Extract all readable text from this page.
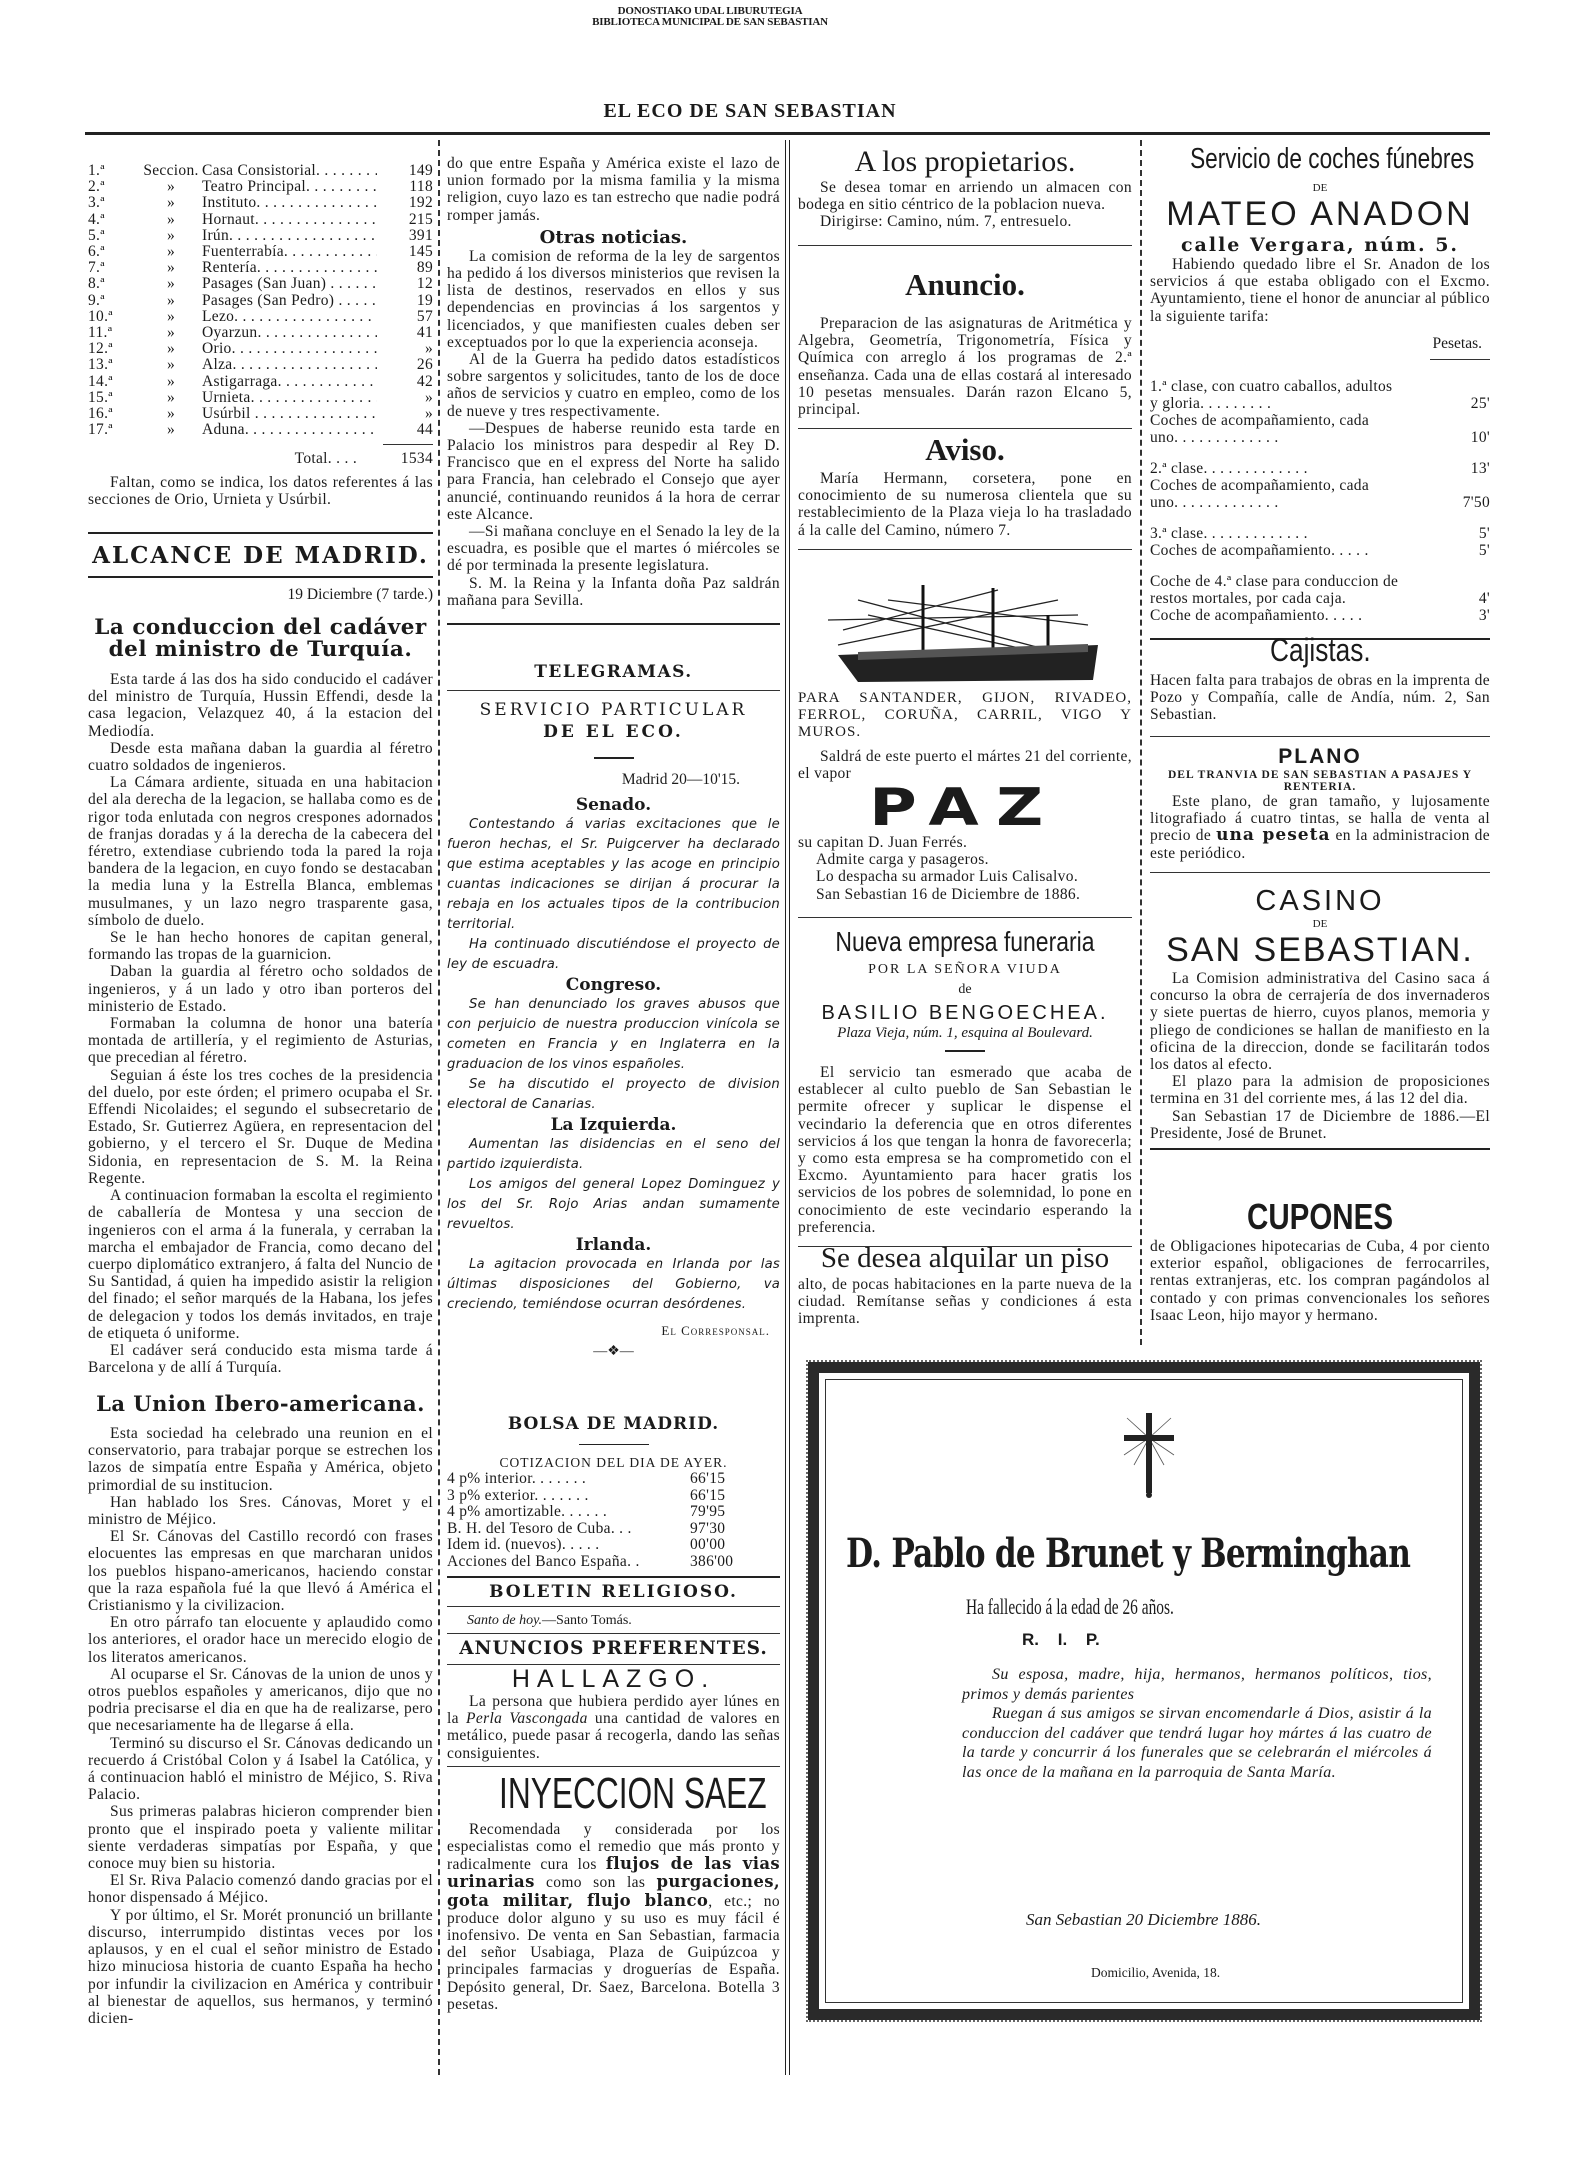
DONOSTIAKO UDAL LIBURUTEGIA
BIBLIOTECA MUNICIPAL DE SAN SEBASTIAN
EL ECO DE SAN SEBASTIAN
1.ª	Seccion. Casa Consistorial. . . .	149
2.ª	»	Teatro Principal. . . .	118
3.ª	»	Instituto. . . .	192
4.ª	»	Hornaut. . . .	215
5.ª	»	Irún. . . .	391
6.ª	»	Fuenterrabía. . . .	145
7.ª	»	Rentería. . . .	89
8.ª	»	Pasages (San Juan) . . .	12
9.ª	»	Pasages (San Pedro) . . .	19
10.ª	»	Lezo. . . .	57
11.ª	»	Oyarzun. . . .	41
12.ª	»	Orio. . . .	»
13.ª	»	Alza. . . .	26
14.ª	»	Astigarraga. . . .	42
15.ª	»	Urnieta. . . .	»
16.ª	»	Usúrbil . . .	»
17.ª	»	Aduna. . . .	44
Total. . . .	1534

Faltan, como se indica, los datos referentes á las secciones de Orio, Urnieta y Usúrbil.

ALCANCE DE MADRID.
19 Diciembre (7 tarde.)
La conduccion del cadáver del ministro de Turquía.

Esta tarde á las dos ha sido conducido el cadáver del ministro de Turquía, Hussin Effendi, desde la casa legacion, Velazquez 40, á la estacion del Mediodía.

Desde esta mañana daban la guardia al féretro cuatro soldados de ingenieros.

La Cámara ardiente, situada en una habitacion del ala derecha de la legacion, se hallaba como es de rigor toda enlutada con negros crespones adornados de franjas doradas y á la derecha de la cabecera del féretro, extendiase cubriendo toda la pared la roja bandera de la legacion, en cuyo fondo se destacaban la media luna y la Estrella Blanca, emblemas musulmanes, y un lazo negro trasparente gasa, símbolo de duelo.

Se le han hecho honores de capitan general, formando las tropas de la guarnicion.

Daban la guardia al féretro ocho soldados de ingenieros, y á un lado y otro iban porteros del ministerio de Estado.

Formaban la columna de honor una batería montada de artillería, y el regimiento de Asturias, que precedian al féretro.

Seguian á éste los tres coches de la presidencia del duelo, por este órden; el primero ocupaba el Sr. Effendi Nicolaides; el segundo el subsecretario de Estado, Sr. Gutierrez Agüera, en representacion del gobierno, y el tercero el Sr. Duque de Medina Sidonia, en representacion de S. M. la Reina Regente.

A continuacion formaban la escolta el regimiento de caballería de Montesa y una seccion de ingenieros con el arma á la funerala, y cerraban la marcha el embajador de Francia, como decano del cuerpo diplomático extranjero, á falta del Nuncio de Su Santidad, á quien ha impedido asistir la religion del finado; el señor marqués de la Habana, los jefes de delegacion y todos los demás invitados, en traje de etiqueta ó uniforme.

El cadáver será conducido esta misma tarde á Barcelona y de allí á Turquía.

La Union Ibero-americana.

Esta sociedad ha celebrado una reunion en el conservatorio, para trabajar porque se estrechen los lazos de simpatía entre España y América, objeto primordial de su institucion.

Han hablado los Sres. Cánovas, Moret y el ministro de Méjico.

El Sr. Cánovas del Castillo recordó con frases elocuentes las empresas en que marcharan unidos los pueblos hispano-americanos, haciendo constar que la raza española fué la que llevó á América el Cristianismo y la civilizacion.

En otro párrafo tan elocuente y aplaudido como los anteriores, el orador hace un merecido elogio de los literatos americanos.

Al ocuparse el Sr. Cánovas de la union de unos y otros pueblos españoles y americanos, dijo que no podria precisarse el dia en que ha de realizarse, pero que necesariamente ha de llegarse á ella.

Terminó su discurso el Sr. Cánovas dedicando un recuerdo á Cristóbal Colon y á Isabel la Católica, y á continuacion habló el ministro de Méjico, S. Riva Palacio.

Sus primeras palabras hicieron comprender bien pronto que el inspirado poeta y valiente militar siente verdaderas simpatías por España, y que conoce muy bien su historia.

El Sr. Riva Palacio comenzó dando gracias por el honor dispensado á Méjico.

Y por último, el Sr. Morét pronunció un brillante discurso, interrumpido distintas veces por los aplausos, y en el cual el señor ministro de Estado hizo minuciosa historia de cuanto España ha hecho por infundir la civilizacion en América y contribuir al bienestar de aquellos, sus hermanos, y terminó dicien-

do que entre España y América existe el lazo de union formado por la misma familia y la misma religion, cuyo lazo es tan estrecho que nadie podrá romper jamás.

Otras noticias.

La comision de reforma de la ley de sargentos ha pedido á los diversos ministerios que revisen la lista de destinos, reservados en ellos y sus dependencias en provincias á los sargentos y licenciados, y que manifiesten cuales deben ser exceptuados por lo que la experiencia aconseja.

Al de la Guerra ha pedido datos estadísticos sobre sargentos y solicitudes, tanto de los de doce años de servicios y cuatro en empleo, como de los de nueve y tres respectivamente.

—Despues de haberse reunido esta tarde en Palacio los ministros para despedir al Rey D. Francisco que en el express del Norte ha salido para Francia, han celebrado el Consejo que ayer anuncié, continuando reunidos á la hora de cerrar este Alcance.

—Si mañana concluye en el Senado la ley de la escuadra, es posible que el martes ó miércoles se dé por terminada la presente legislatura.

S. M. la Reina y la Infanta doña Paz saldrán mañana para Sevilla.

TELEGRAMAS.
SERVICIO PARTICULAR
DE EL ECO.
Madrid 20—10'15.
Senado.

Contestando á varias excitaciones que le fueron hechas, el Sr. Puigcerver ha declarado que estima aceptables y las acoge en principio cuantas indicaciones se dirijan á procurar la rebaja en los actuales tipos de la contribucion territorial.

Ha continuado discutiéndose el proyecto de ley de escuadra.

Congreso.

Se han denunciado los graves abusos que con perjuicio de nuestra produccion vinícola se cometen en Francia y en Inglaterra en la graduacion de los vinos españoles.

Se ha discutido el proyecto de division electoral de Canarias.

La Izquierda.

Aumentan las disidencias en el seno del partido izquierdista.

Los amigos del general Lopez Dominguez y los del Sr. Rojo Arias andan sumamente revueltos.

Irlanda.

La agitacion provocada en Irlanda por las últimas disposiciones del Gobierno, va creciendo, temiéndose ocurran desórdenes.

El Corresponsal.
—❖—
BOLSA DE MADRID.
COTIZACION DEL DIA DE AYER.
4 p% interior. . . . . . .	66'15
3 p% exterior. . . . . . .	66'15
4 p% amortizable. . . . . .	79'95
B. H. del Tesoro de Cuba. . .	97'30
Idem id. (nuevos). . . . .	00'00
Acciones del Banco España. .	386'00
BOLETIN RELIGIOSO.
Santo de hoy.—Santo Tomás.
ANUNCIOS PREFERENTES.
HALLAZGO.

La persona que hubiera perdido ayer lúnes en la Perla Vascongada una cantidad de valores en metálico, puede pasar á recogerla, dando las señas consiguientes.

INYECCION SAEZ

Recomendada y considerada por los especialistas como el remedio que más pronto y radicalmente cura los flujos de las vias urinarias como son las purgaciones, gota militar, flujo blanco, etc.; no produce dolor alguno y su uso es muy fácil é inofensivo. De venta en San Sebastian, farmacia del señor Usabiaga, Plaza de Guipúzcoa y principales farmacias y droguerías de España. Depósito general, Dr. Saez, Barcelona. Botella 3 pesetas.

A los propietarios.

Se desea tomar en arriendo un almacen con bodega en sitio céntrico de la poblacion nueva.

Dirigirse: Camino, núm. 7, entresuelo.

Anuncio.

Preparacion de las asignaturas de Aritmética y Algebra, Geometría, Trigonometría, Física y Química con arreglo á los programas de 2.ª enseñanza. Cada una de ellas costará al interesado 10 pesetas mensuales. Darán razon Elcano 5, principal.

Aviso.

María Hermann, corsetera, pone en conocimiento de su numerosa clientela que su restablecimiento de la Plaza vieja lo ha trasladado á la calle del Camino, número 7.

PARA SANTANDER, GIJON, RIVADEO, FERROL, CORUÑA, CARRIL, VIGO Y MUROS.

Saldrá de este puerto el mártes 21 del corriente, el vapor

PAZ

su capitan D. Juan Ferrés.

Admite carga y pasageros.

Lo despacha su armador Luis Calisalvo.

San Sebastian 16 de Diciembre de 1886.

Nueva empresa funeraria
POR LA SEÑORA VIUDA
de
BASILIO BENGOECHEA.
Plaza Vieja, núm. 1, esquina al Boulevard.

El servicio tan esmerado que acaba de establecer al culto pueblo de San Sebastian le permite ofrecer y suplicar le dispense el vecindario la deferencia que en otros diferentes servicios á los que tengan la honra de favorecerla; y como esta empresa se ha comprometido con el Excmo. Ayuntamiento para hacer gratis los servicios de los pobres de solemnidad, lo pone en conocimiento de este vecindario esperando la preferencia.

Se desea alquilar un piso

alto, de pocas habitaciones en la parte nueva de la ciudad. Remítanse señas y condiciones á esta imprenta.

Servicio de coches fúnebres
DE
MATEO ANADON
calle Vergara, núm. 5.

Habiendo quedado libre el Sr. Anadon de los servicios á que estaba obligado con el Excmo. Ayuntamiento, tiene el honor de anunciar al público la siguiente tarifa:

Pesetas.
1.ª clase, con cuatro caballos, adultos y gloria. . . . . . . . .	25'
Coches de acompañamiento, cada uno. . . . . . . . . . . . .	10'
2.ª clase. . . . . . . . . . . . .	13'
Coches de acompañamiento, cada uno. . . . . . . . . . . . .	7'50
3.ª clase. . . . . . . . . . . . .	5'
Coches de acompañamiento. . . . .	5'
Coche de 4.ª clase para conduccion de restos mortales, por cada caja.	4'
Coche de acompañamiento. . . . .	3'
Cajistas.

Hacen falta para trabajos de obras en la imprenta de Pozo y Compañía, calle de Andía, núm. 2, San Sebastian.

PLANO
DEL TRANVIA DE SAN SEBASTIAN A PASAJES Y RENTERIA.

Este plano, de gran tamaño, y lujosamente litografiado á cuatro tintas, se halla de venta al precio de una peseta en la administracion de este periódico.

CASINO
DE
SAN SEBASTIAN.

La Comision administrativa del Casino saca á concurso la obra de cerrajería de dos invernaderos y siete puertas de hierro, cuyos planos, memoria y pliego de condiciones se hallan de manifiesto en la oficina de la direccion, donde se facilitarán todos los datos al efecto.

El plazo para la admision de proposiciones termina en 31 del corriente mes, á las 12 del dia.

San Sebastian 17 de Diciembre de 1886.—El Presidente, José de Brunet.

CUPONES

de Obligaciones hipotecarias de Cuba, 4 por ciento exterior español, obligaciones de ferrocarriles, rentas extranjeras, etc. los compran pagándolos al contado y con primas convencionales los señores Isaac Leon, hijo mayor y hermano.

D. Pablo de Brunet y Berminghan
Ha fallecido á la edad de 26 años.
R. I. P.

Su esposa, madre, hija, hermanos, hermanos políticos, tios, primos y demás parientes

Ruegan á sus amigos se sirvan encomendarle á Dios, asistir á la conduccion del cadáver que tendrá lugar hoy mártes á las cuatro de la tarde y concurrir á los funerales que se celebrarán el miércoles á las once de la mañana en la parroquia de Santa María.

San Sebastian 20 Diciembre 1886.
Domicilio, Avenida, 18.
